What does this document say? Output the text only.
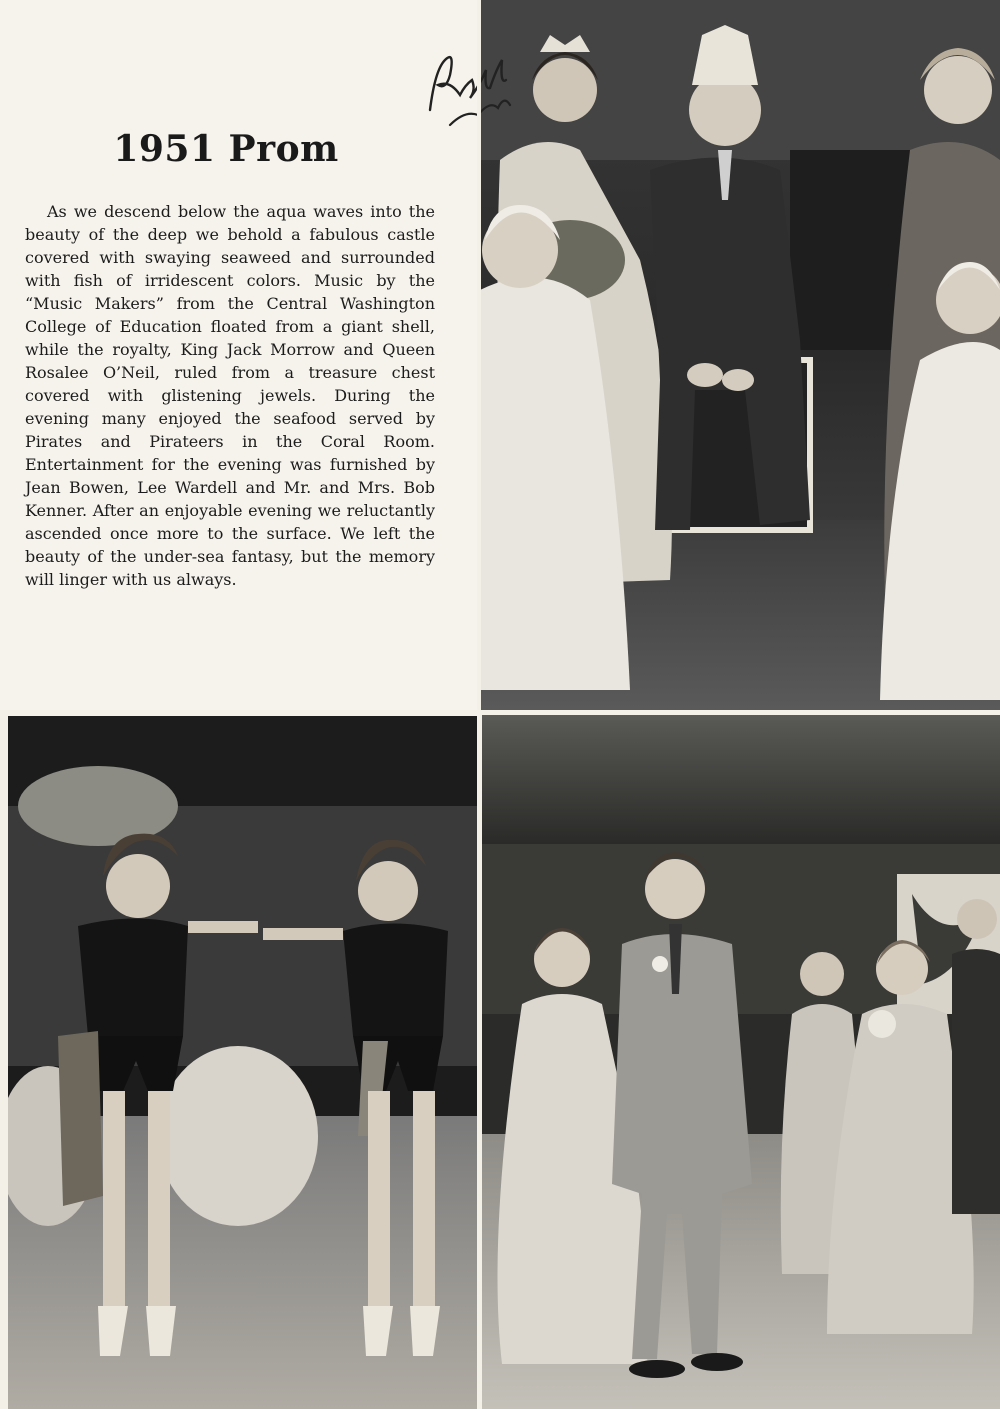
1951 Prom

As we descend below the aqua waves into the beauty of the deep we behold a fabulous castle covered with swaying seaweed and surrounded with fish of irridescent colors. Music by the “Music Makers” from the Central Washington College of Education floated from a giant shell, while the royalty, King Jack Morrow and Queen Rosalee O’Neil, ruled from a treasure chest covered with glistening jewels. During the evening many enjoyed the seafood served by Pirates and Pirateers in the Coral Room. Entertainment for the evening was furnished by Jean Bowen, Lee Wardell and Mr. and Mrs. Bob Kenner. After an enjoyable evening we reluctantly ascended once more to the surface. We left the beauty of the under-sea fantasy, but the memory will linger with us always.
